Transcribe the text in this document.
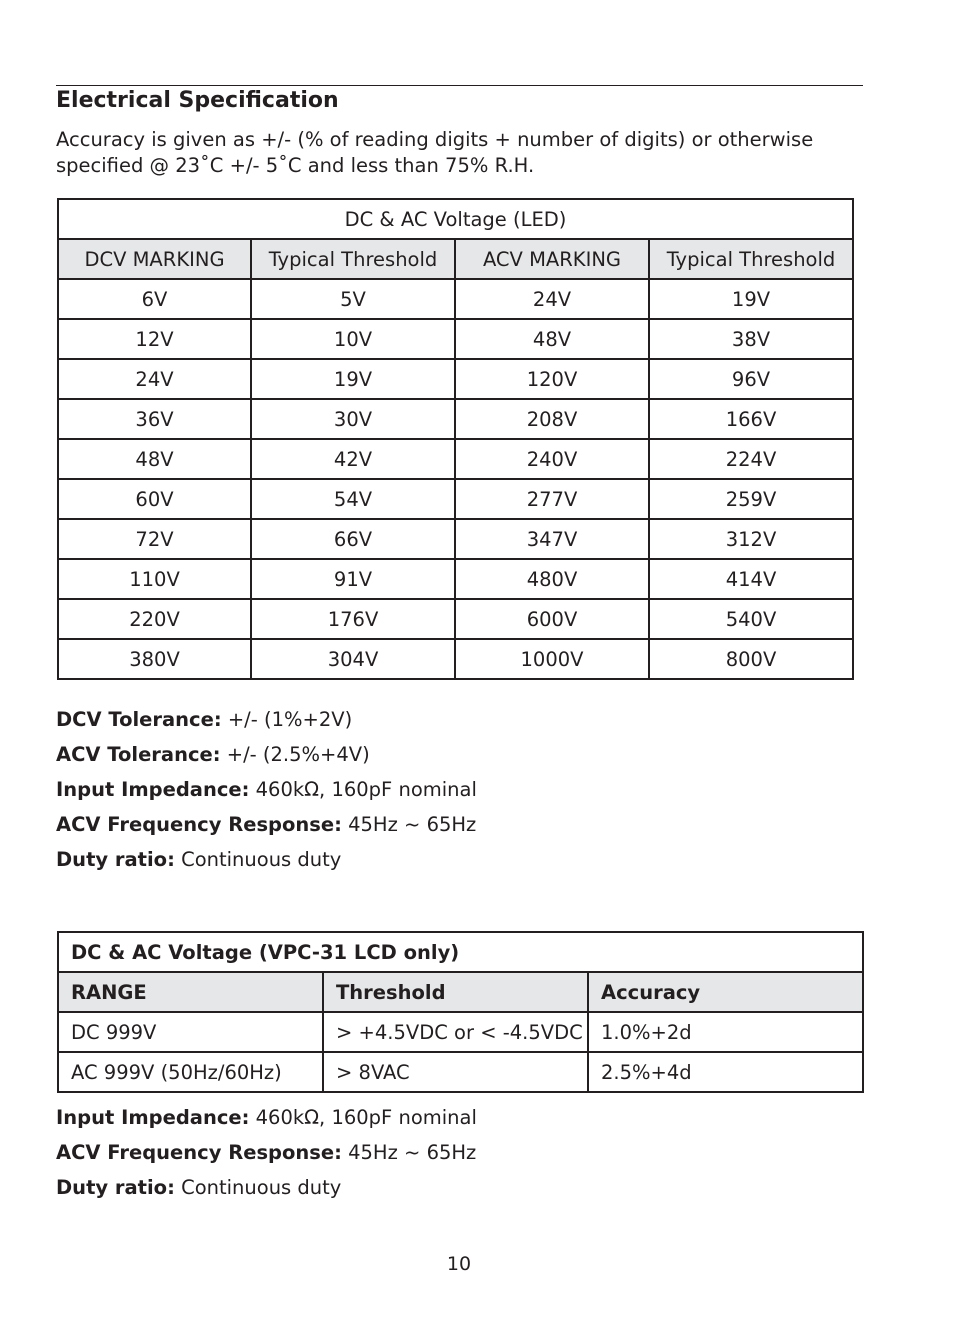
Electrical Specification

Accuracy is given as +/- (% of reading digits + number of digits) or otherwise
specified @ 23˚C +/- 5˚C and less than 75% R.H.

DC & AC Voltage (LED)			
DCV MARKING	Typical Threshold	ACV MARKING	Typical Threshold
6V	5V	24V	19V
12V	10V	48V	38V
24V	19V	120V	96V
36V	30V	208V	166V
48V	42V	240V	224V
60V	54V	277V	259V
72V	66V	347V	312V
110V	91V	480V	414V
220V	176V	600V	540V
380V	304V	1000V	800V
DCV Tolerance: +/- (1%+2V)
ACV Tolerance: +/- (2.5%+4V)
Input Impedance: 460kΩ, 160pF nominal
ACV Frequency Response: 45Hz ~ 65Hz
Duty ratio: Continuous duty
DC & AC Voltage (VPC-31 LCD only)		
RANGE	Threshold	Accuracy
DC 999V	> +4.5VDC or < -4.5VDC	1.0%+2d
AC 999V (50Hz/60Hz)	> 8VAC	2.5%+4d
Input Impedance: 460kΩ, 160pF nominal
ACV Frequency Response: 45Hz ~ 65Hz
Duty ratio: Continuous duty
10
